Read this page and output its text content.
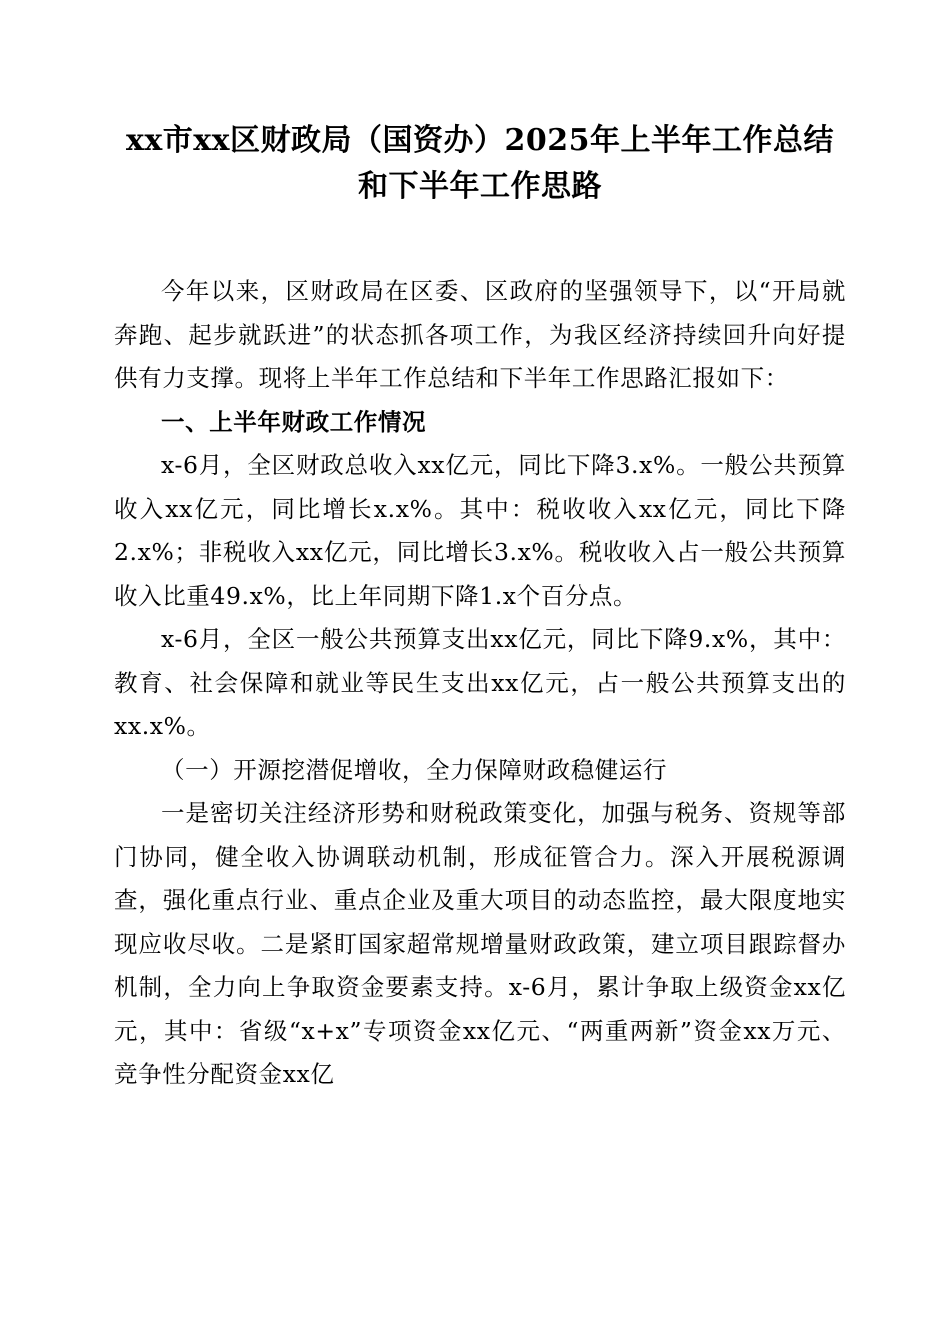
xx市xx区财政局（国资办）2025年上半年工作总结和下半年工作思路

今年以来，区财政局在区委、区政府的坚强领导下，以“开局就奔跑、起步就跃进”的状态抓各项工作，为我区经济持续回升向好提供有力支撑。现将上半年工作总结和下半年工作思路汇报如下：

一、上半年财政工作情况

x-6月，全区财政总收入xx亿元，同比下降3.x%。一般公共预算收入xx亿元，同比增长x.x%。其中：税收收入xx亿元，同比下降2.x%；非税收入xx亿元，同比增长3.x%。税收收入占一般公共预算收入比重49.x%，比上年同期下降1.x个百分点。

x-6月，全区一般公共预算支出xx亿元，同比下降9.x%，其中：教育、社会保障和就业等民生支出xx亿元，占一般公共预算支出的xx.x%。

（一）开源挖潜促增收，全力保障财政稳健运行

一是密切关注经济形势和财税政策变化，加强与税务、资规等部门协同，健全收入协调联动机制，形成征管合力。深入开展税源调查，强化重点行业、重点企业及重大项目的动态监控，最大限度地实现应收尽收。二是紧盯国家超常规增量财政政策，建立项目跟踪督办机制，全力向上争取资金要素支持。x-6月，累计争取上级资金xx亿元，其中：省级“x+x”专项资金xx亿元、“两重两新”资金xx万元、竞争性分配资金xx亿
